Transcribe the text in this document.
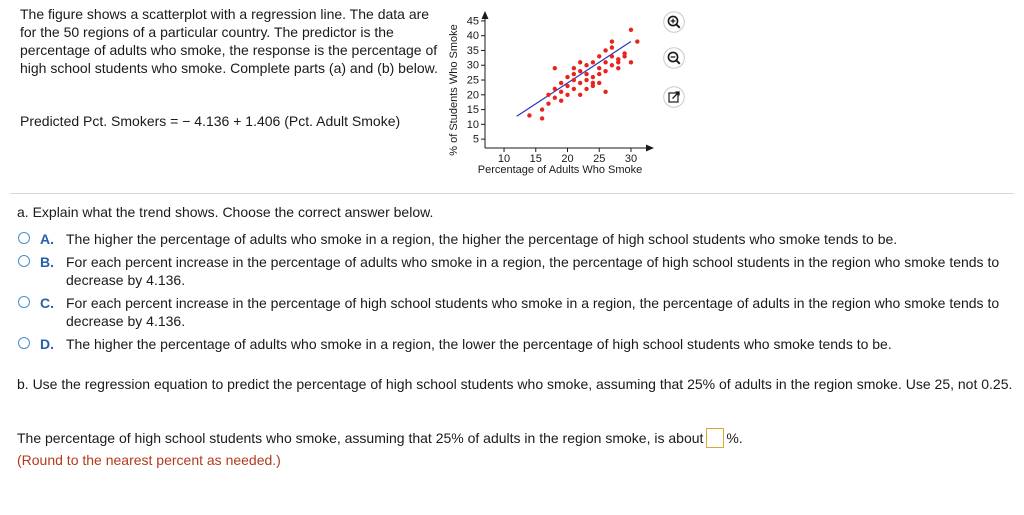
The figure shows a scatterplot with a regression line. The data are for the 50 regions of a particular country. The predictor is the percentage of adults who smoke, the response is the percentage of high school students who smoke. Complete parts (a) and (b) below.
Predicted Pct. Smokers = − 4.136 + 1.406 (Pct. Adult Smoke)
5
10
15
20
25
30
35
40
45
10 15 20 25 30
Percentage of Adults Who Smoke
% of Students Who Smoke
a. Explain what the trend shows. Choose the correct answer below.
A. The higher the percentage of adults who smoke in a region, the higher the percentage of high school students who smoke tends to be.
B. For each percent increase in the percentage of adults who smoke in a region, the percentage of high school students in the region who smoke tends to decrease by 4.136.
C. For each percent increase in the percentage of high school students who smoke in a region, the percentage of adults in the region who smoke tends to decrease by 4.136.
D. The higher the percentage of adults who smoke in a region, the lower the percentage of high school students who smoke tends to be.
b. Use the regression equation to predict the percentage of high school students who smoke, assuming that 25% of adults in the region smoke. Use 25, not 0.25.
The percentage of high school students who smoke, assuming that 25% of adults in the region smoke, is about %.
(Round to the nearest percent as needed.)
